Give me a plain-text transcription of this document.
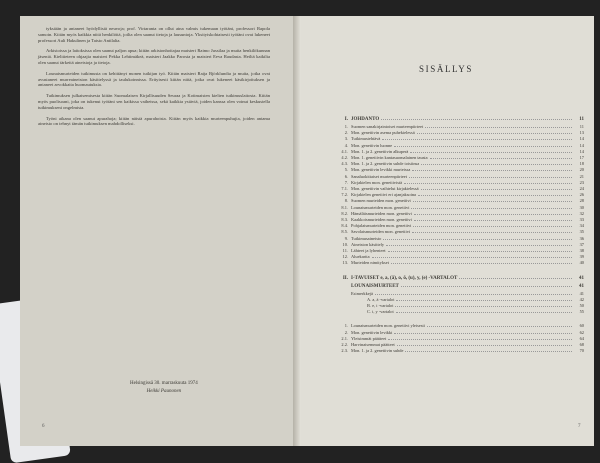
tyksiään ja antaneet hyödyllisiä neuvoja; prof. Virtaranta on ollut aina valmis tukemaan työtäni, professori Rapola samoin. Kiitän myös kaikkia niitä henkilöitä, joilta olen saanut tietoja ja lausuntoja. Yksityiskohtaisesti työtäni ovat lukeneet professori Auli Hakulinen ja Taisto Antilalta.

Arkistoissa ja laitoksissa olen saanut paljon apua; kiitän arkistonhoitajaa maisteri Raimo Jussilaa ja muita henkilökunnan jäseniä. Kielitieteen ohjaajia maisteri Pekka Lehtimäkeä, maisteri Jaakko Parosta ja maisteri Eeva Raudasta. Heiltä kaikilta olen saanut tärkeitä aineistoja ja tietoja.

Lounaismurteiden tutkimusta on kehittänyt monen tutkijan työ. Kiitän maisteri Raija Björklundia ja muita, jotka ovat avustaneet murreaineiston käsittelyssä ja taulukoinnissa. Erityisesti kiitän niitä, jotka ovat lukeneet käsikirjoituksen ja antaneet arvokkaita huomautuksia.

Tutkimuksen julkaisemisesta kiitän Suomalaisen Kirjallisuuden Seuraa ja Kotimaisten kielten tutkimuslaitosta. Kiitän myös puolisoani, joka on tukenut työtäni sen kaikissa vaiheissa, sekä kaikkia ystäviä, joiden kanssa olen voinut keskustella tutkimukseni ongelmista.

Työni aikana olen saanut apurahoja; kiitän näistä apurahoista. Kiitän myös kaikkia murteenpuhujia, joiden antama aineisto on tehnyt tämän tutkimuksen mahdolliseksi.

Helsingissä 30. marraskuuta 1974
Heikki Paunonen
6
SISÄLLYS
I. JOHDANTO	11
1. Suomen sanakirjaintoiset murteenpiirteet	11
2. Mon. genetiivin asema puhekielessä	13
3. Tutkimustehtävä	14
4. Mon. genetiivin luonne	14
4.1. Mon. 1. ja 2. genetiivin alkuperä	14
4.2. Mon. 1. genetiivin kantasuomalainen tausta	17
4.3. Mon. 1. ja 2. genetiivin suhde toisiinsa	18
5. Mon. genetiivin levikki murteissa	20
6. Sanaluokittaiset murteenpiirteet	21
7. Kirjakielen mon. genetiivistä	23
7.1. Mon. genetiivin vaihtelut kirjakielessä	24
7.2. Kirjakielen genetiivi eri ajanjaksoina	26
8. Suomen murteiden mon. genetiivi	28
8.1. Lounaismurteiden mon. genetiivi	30
8.2. Hämäläismurteiden mon. genetiivi	32
8.3. Kaakkoismurteiden mon. genetiivi	33
8.4. Pohjalaismurteiden mon. genetiivi	34
8.5. Savolaismurteiden mon. genetiivi	35
9. Tutkimusaineisto	36
10. Aineiston käsittely	37
11. Lähteet ja lyhenteet	38
12. Aluekartta	39
13. Murteiden nimitykset	40
II. I-TAVUISET e, a, (ä), o, ö, (u), y, (e) -VARTALOT	41
LOUNAISMURTEET	41
Esimerkkejä	41
A. a, ä -vartalot	42
B. e, i -vartalot	50
C. i, y -vartalot	55
1. Lounaismurteiden mon. genetiivi yleisesti	60
2. Mon. genetiivin levikki	62
2.1. Yleisimmät päätteet	64
2.2. Harvinaisemmat päätteet	68
2.3. Mon. 1. ja 2. genetiivin suhde	70
7
